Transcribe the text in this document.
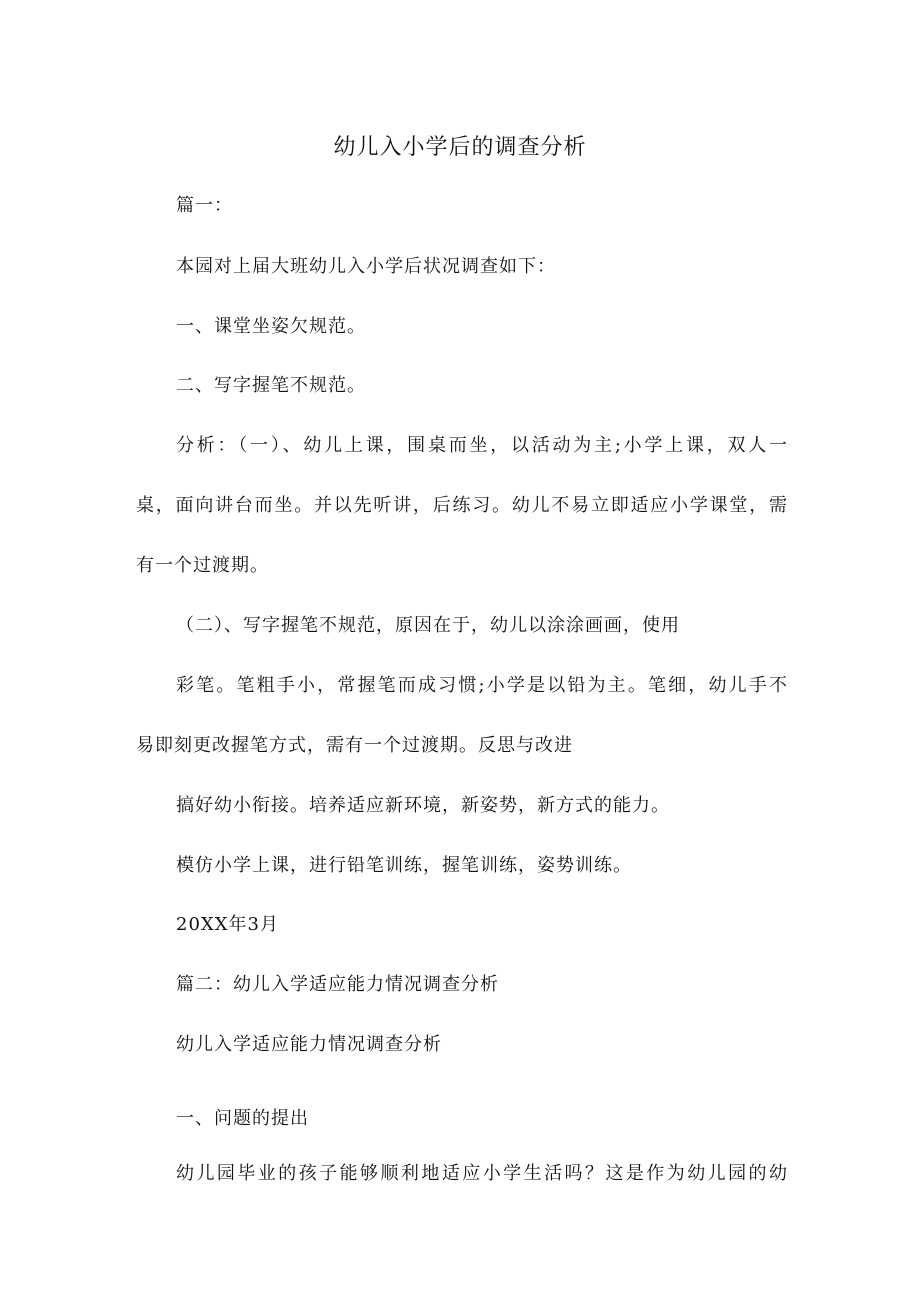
幼儿入小学后的调查分析
篇一：
本园对上届大班幼儿入小学后状况调查如下：
一、课堂坐姿欠规范。
二、写字握笔不规范。
分析：（一）、幼儿上课，围桌而坐，以活动为主;小学上课，双人一
桌，面向讲台而坐。并以先听讲，后练习。幼儿不易立即适应小学课堂，需
有一个过渡期。
（二）、写字握笔不规范，原因在于，幼儿以涂涂画画，使用
彩笔。笔粗手小，常握笔而成习惯;小学是以铅为主。笔细，幼儿手不
易即刻更改握笔方式，需有一个过渡期。反思与改进
搞好幼小衔接。培养适应新环境，新姿势，新方式的能力。
模仿小学上课，进行铅笔训练，握笔训练，姿势训练。
20XX年3月
篇二：幼儿入学适应能力情况调查分析
幼儿入学适应能力情况调查分析
一、问题的提出
幼儿园毕业的孩子能够顺利地适应小学生活吗？这是作为幼儿园的幼
